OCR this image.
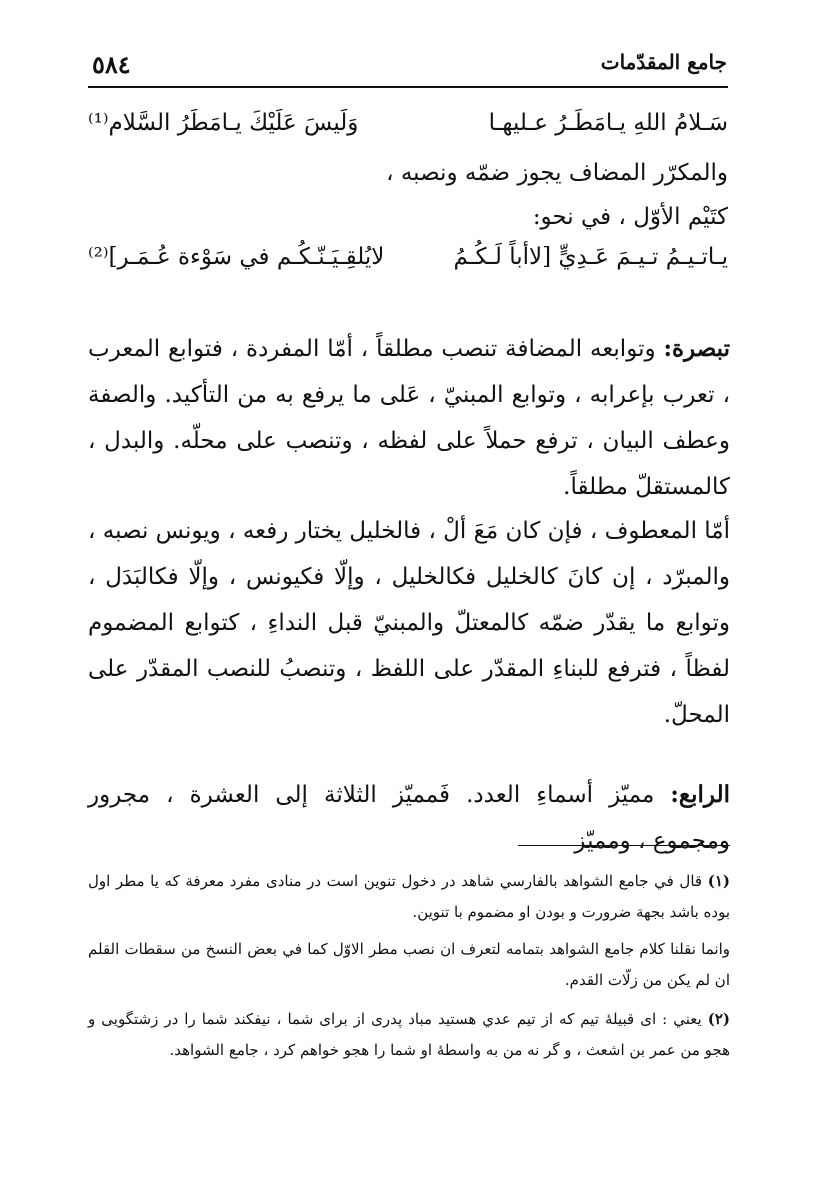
٥٨٤	جامع المقدّمات
سَـلامُ اللهِ يـامَطَـرُ عـليهـا
وَلَيسَ عَلَيْكَ يـامَطَرُ السَّلام⁽¹⁾
والمكرّر المضاف يجوز ضمّه ونصبه ،
كتَيْم الأوّل ، في نحو:
يـاتـيـمُ تـيـمَ عَـدِيٍّ [لاأباً لَـكُـمُ
لايُلقِـيَـنّـكُـم في سَوْءة عُـمَـر]⁽²⁾
تبصرة: وتوابعه المضافة تنصب مطلقاً ، أمّا المفردة ، فتوابع المعرب ، تعرب بإعرابه ، وتوابع المبنيّ ، عَلى ما يرفع به من التأكيد. والصفة وعطف البيان ، ترفع حملاً على لفظه ، وتنصب على محلّه. والبدل ، كالمستقلّ مطلقاً.
أمّا المعطوف ، فإن كان مَعَ ألْ ، فالخليل يختار رفعه ، ويونس نصبه ، والمبرّد ، إن كانَ كالخليل فكالخليل ، وإلّا فكيونس ، وإلّا فكالبَدَل ، وتوابع ما يقدّر ضمّه كالمعتلّ والمبنيّ قبل النداءِ ، كتوابع المضموم لفظاً ، فترفع للبناءِ المقدّر على اللفظ ، وتنصبُ للنصب المقدّر على المحلّ.
الرابع: مميّز أسماءِ العدد. فَمميّز الثلاثة إلى العشرة ، مجرور ومجموع ، ومميّز
(١) قال في جامع الشواهد بالفارسي شاهد در دخول تنوين است در منادى مفرد معرفة كه يا مطر اول بوده باشد بجهة ضرورت و بودن او مضموم با تنوين.
وانما نقلنا كلام جامع الشواهد بتمامه لتعرف ان نصب مطر الاوّل كما في بعض النسخ من سقطات القلم ان لم يكن من زلّات القدم.
(٢) يعني : اى قبيلهٔ تيم كه از تيم عدي هستيد مباد پدرى از براى شما ، نيفكند شما را در زشتگويى و هجو من عمر بن اشعث ، و گر نه من به واسطهٔ او شما را هجو خواهم كرد ، جامع الشواهد.
